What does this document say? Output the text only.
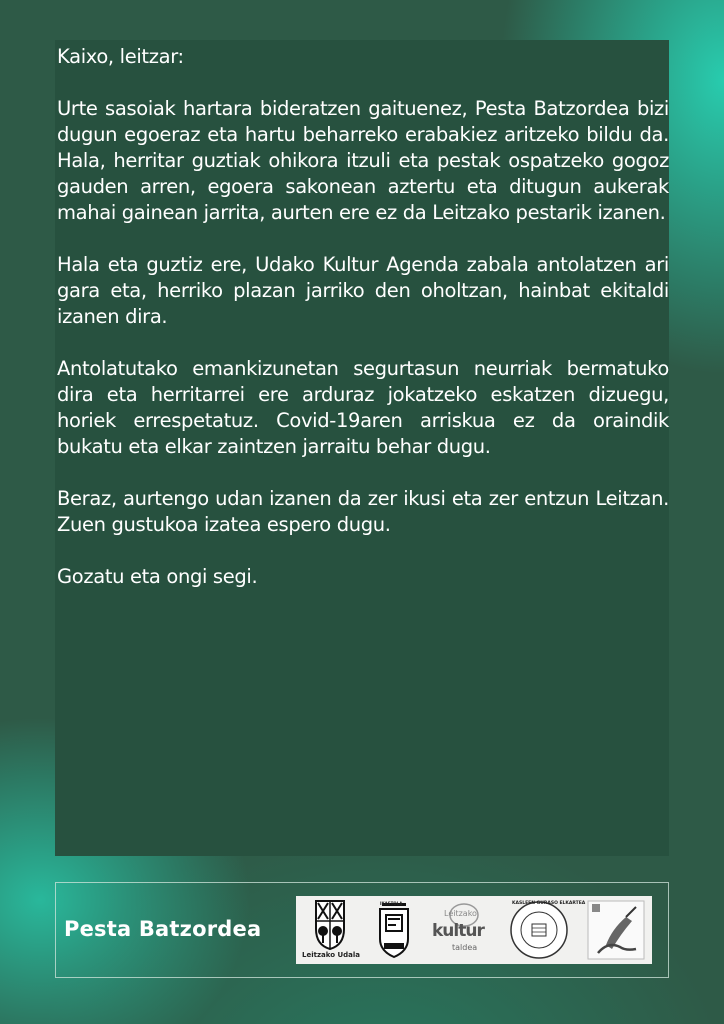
Kaixo, leitzar:

Urte sasoiak hartara bideratzen gaituenez, Pesta Batzordea bizi dugun egoeraz eta hartu beharreko erabakiez aritzeko bildu da. Hala, herritar guztiak ohikora itzuli eta pestak ospatzeko gogoz gauden arren, egoera sakonean aztertu eta ditugun aukerak mahai gainean jarrita, aurten ere ez da Leitzako pestarik izanen.

Hala eta guztiz ere, Udako Kultur Agenda zabala antolatzen ari gara eta, herriko plazan jarriko den oholtzan, hainbat ekitaldi izanen dira.

Antolatutako emankizunetan segurtasun neurriak bermatuko dira eta herritarrei ere arduraz jokatzeko eskatzen dizuegu, horiek errespetatuz. Covid-19aren arriskua ez da oraindik bukatu eta elkar zaintzen jarraitu behar dugu.

Beraz, aurtengo udan izanen da zer ikusi eta zer entzun Leitzan. Zuen gustukoa izatea espero dugu.

Gozatu eta ongi segi.

Pesta Batzordea
Leitzako Udala
IKASTOLA
Leitzako
kultur
taldea
KASLEEN GURASO ELKARTEA
